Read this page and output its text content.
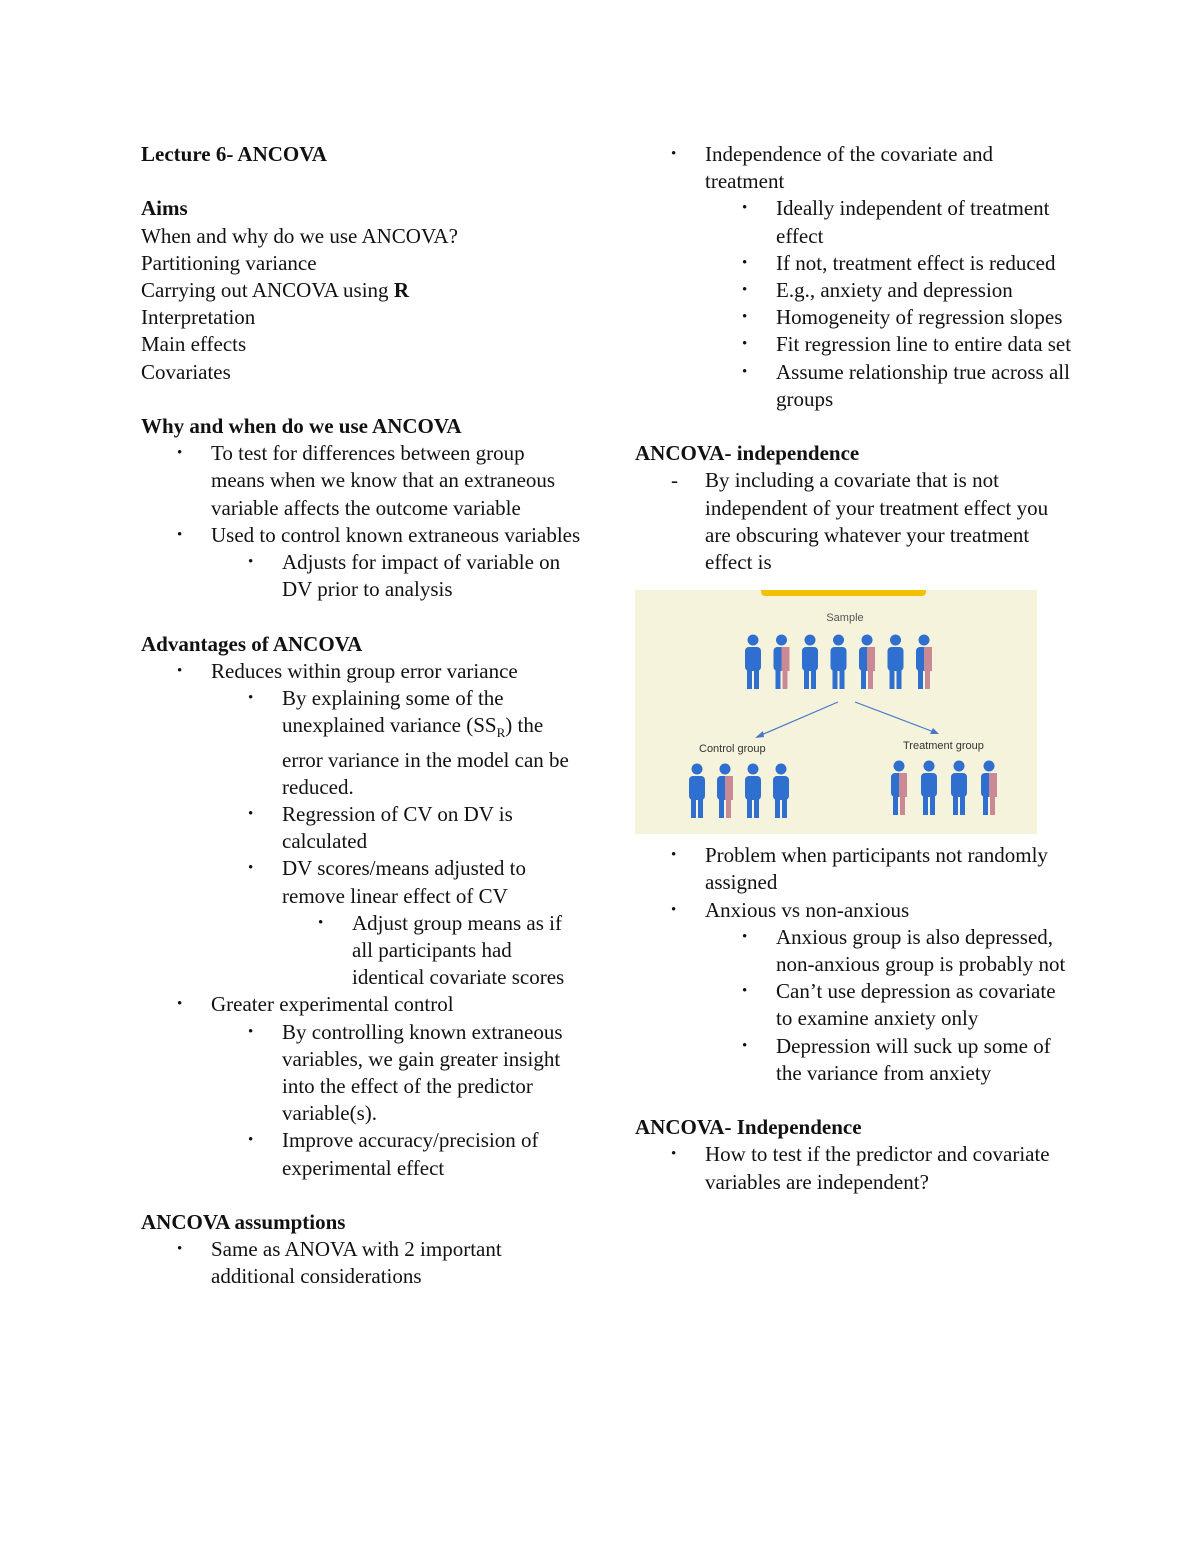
Lecture 6- ANCOVA

Aims

When and why do we use ANCOVA?

Partitioning variance

Carrying out ANCOVA using R

Interpretation

Main effects

Covariates

Why and when do we use ANCOVA

• To test for differences between group means when we know that an extraneous variable affects the outcome variable
• Used to control known extraneous variables
• Adjusts for impact of variable on DV prior to analysis

Advantages of ANCOVA

• Reduces within group error variance
• By explaining some of the unexplained variance $(SS_R)$ the error variance in the model can be reduced.
• Regression of CV on DV is calculated
• DV scores/means adjusted to remove linear effect of CV
• Adjust group means as if all participants had identical covariate scores
• Greater experimental control
• By controlling known extraneous variables, we gain greater insight into the effect of the predictor variable(s).
• Improve accuracy/precision of experimental effect

ANCOVA assumptions

• Same as ANOVA with 2 important additional considerations
• Independence of the covariate and treatment
• Ideally independent of treatment effect
• If not, treatment effect is reduced
• E.g., anxiety and depression
• Homogeneity of regression slopes
• Fit regression line to entire data set
• Assume relationship true across all groups

ANCOVA- independence

- By including a covariate that is not independent of your treatment effect you are obscuring whatever your treatment effect is
Sample
Control group	Treatment group
• Problem when participants not randomly assigned
• Anxious vs non-anxious
• Anxious group is also depressed, non-anxious group is probably not
• Can’t use depression as covariate to examine anxiety only
• Depression will suck up some of the variance from anxiety

ANCOVA- Independence

• How to test if the predictor and covariate variables are independent?
